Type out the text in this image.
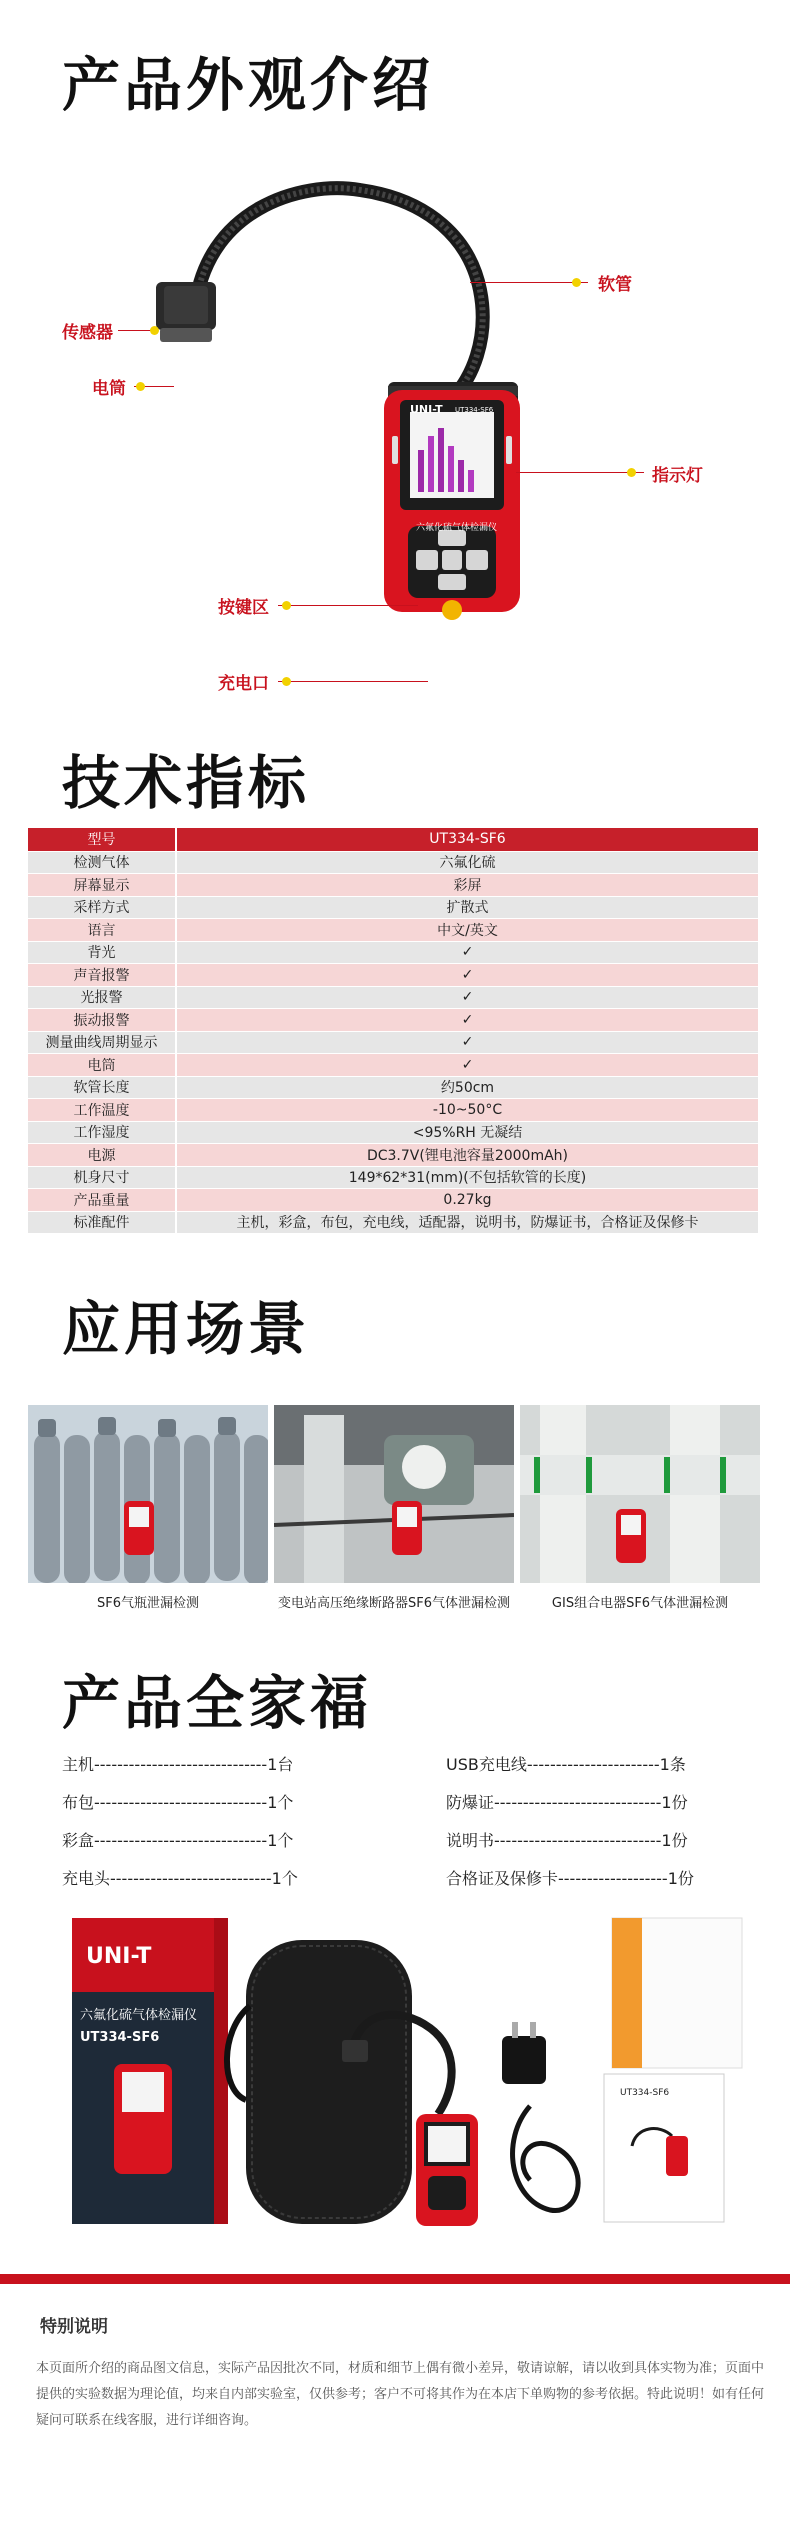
产品外观介绍
UNI-T UT334-SF6
六氟化硫气体检漏仪
传感器
电筒
软管
指示灯
按键区
充电口
技术指标
型号	UT334-SF6
检测气体	六氟化硫
屏幕显示	彩屏
采样方式	扩散式
语言	中文/英文
背光	✓
声音报警	✓
光报警	✓
振动报警	✓
测量曲线周期显示	✓
电筒	✓
软管长度	约50cm
工作温度	-10~50°C
工作湿度	<95%RH 无凝结
电源	DC3.7V(锂电池容量2000mAh)
机身尺寸	149*62*31(mm)(不包括软管的长度)
产品重量	0.27kg
标准配件	主机，彩盒，布包，充电线，适配器，说明书，防爆证书，合格证及保修卡
应用场景
SF6气瓶泄漏检测	变电站高压绝缘断路器SF6气体泄漏检测	GIS组合电器SF6气体泄漏检测
产品全家福
主机------------------------------1台
布包------------------------------1个
彩盒------------------------------1个
充电头----------------------------1个
USB充电线-----------------------1条
防爆证-----------------------------1份
说明书-----------------------------1份
合格证及保修卡-------------------1份
UNI-T
六氟化硫气体检漏仪
UT334-SF6	CNEX
UT334-SF6
特别说明
本页面所介绍的商品图文信息，实际产品因批次不同，材质和细节上偶有微小差异，敬请谅解，请以收到具体实物为准；页面中提供的实验数据为理论值，均来自内部实验室，仅供参考；客户不可将其作为在本店下单购物的参考依据。特此说明！如有任何疑问可联系在线客服，进行详细咨询。
